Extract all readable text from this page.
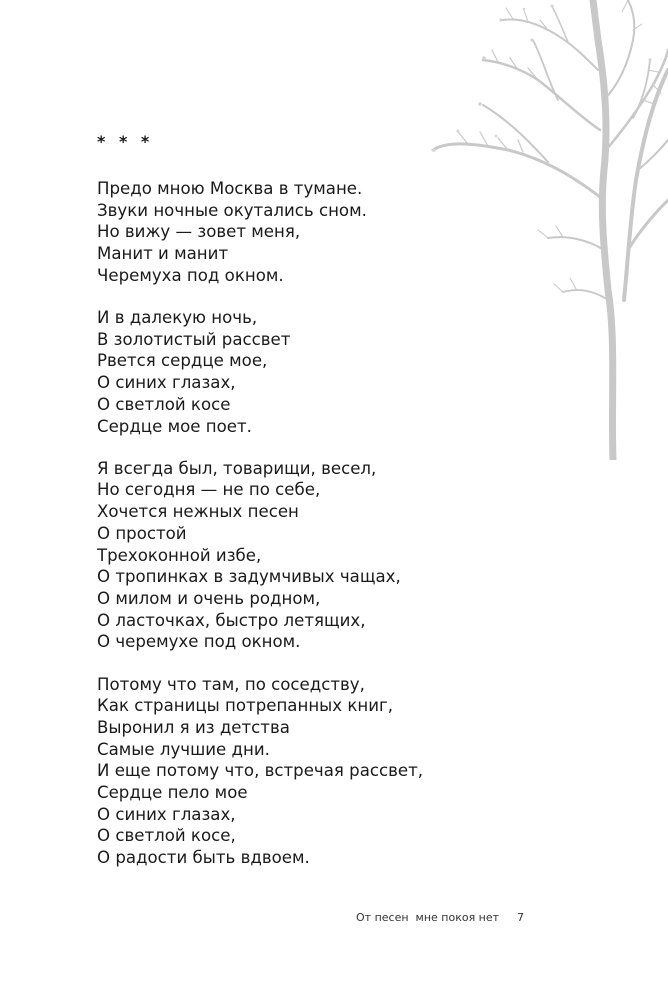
* * *
Предо мною Москва в тумане.
Звуки ночные окутались сном.
Но вижу — зовет меня,
Манит и манит
Черемуха под окном.
И в далекую ночь,
В золотистый рассвет
Рвется сердце мое,
О синих глазах,
О светлой косе
Сердце мое поет.
Я всегда был, товарищи, весел,
Но сегодня — не по себе,
Хочется нежных песен
О простой
Трехоконной избе,
О тропинках в задумчивых чащах,
О милом и очень родном,
О ласточках, быстро летящих,
О черемухе под окном.
Потому что там, по соседству,
Как страницы потрепанных книг,
Выронил я из детства
Самые лучшие дни.
И еще потому что, встречая рассвет,
Сердце пело мое
О синих глазах,
О светлой косе,
О радости быть вдвоем.
От песен  мне покоя нет 7
